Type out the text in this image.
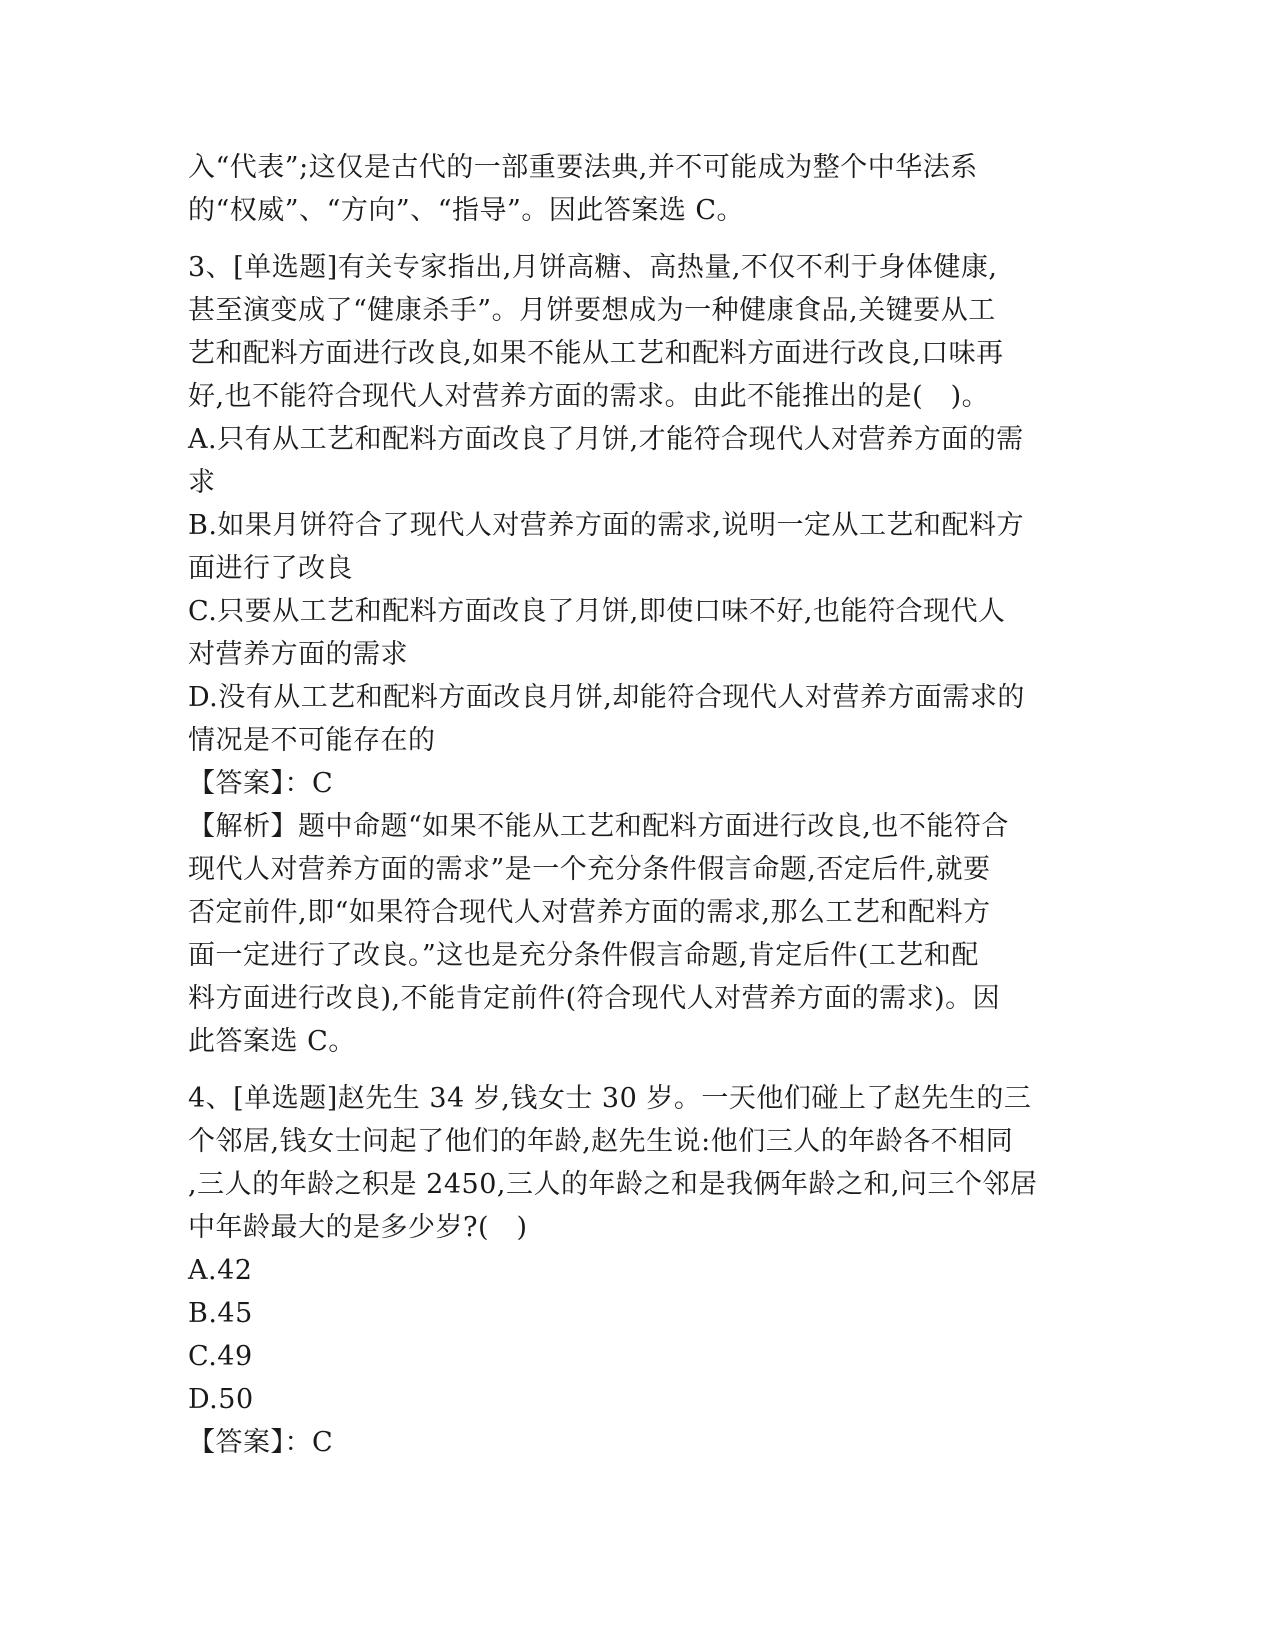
入“代表”;这仅是古代的一部重要法典,并不可能成为整个中华法系
的“权威”、“方向”、“指导”。因此答案选 C。
3、[单选题]有关专家指出,月饼高糖、高热量,不仅不利于身体健康,
甚至演变成了“健康杀手”。月饼要想成为一种健康食品,关键要从工
艺和配料方面进行改良,如果不能从工艺和配料方面进行改良,口味再
好,也不能符合现代人对营养方面的需求。由此不能推出的是(　)。
A.只有从工艺和配料方面改良了月饼,才能符合现代人对营养方面的需
求
B.如果月饼符合了现代人对营养方面的需求,说明一定从工艺和配料方
面进行了改良
C.只要从工艺和配料方面改良了月饼,即使口味不好,也能符合现代人
对营养方面的需求
D.没有从工艺和配料方面改良月饼,却能符合现代人对营养方面需求的
情况是不可能存在的
【答案】：C
【解析】题中命题“如果不能从工艺和配料方面进行改良,也不能符合
现代人对营养方面的需求”是一个充分条件假言命题,否定后件,就要
否定前件,即“如果符合现代人对营养方面的需求,那么工艺和配料方
面一定进行了改良。”这也是充分条件假言命题,肯定后件(工艺和配
料方面进行改良),不能肯定前件(符合现代人对营养方面的需求)。因
此答案选 C。
4、[单选题]赵先生 34 岁,钱女士 30 岁。一天他们碰上了赵先生的三
个邻居,钱女士问起了他们的年龄,赵先生说:他们三人的年龄各不相同
,三人的年龄之积是 2450,三人的年龄之和是我俩年龄之和,问三个邻居
中年龄最大的是多少岁?(　)
A.42
B.45
C.49
D.50
【答案】：C
